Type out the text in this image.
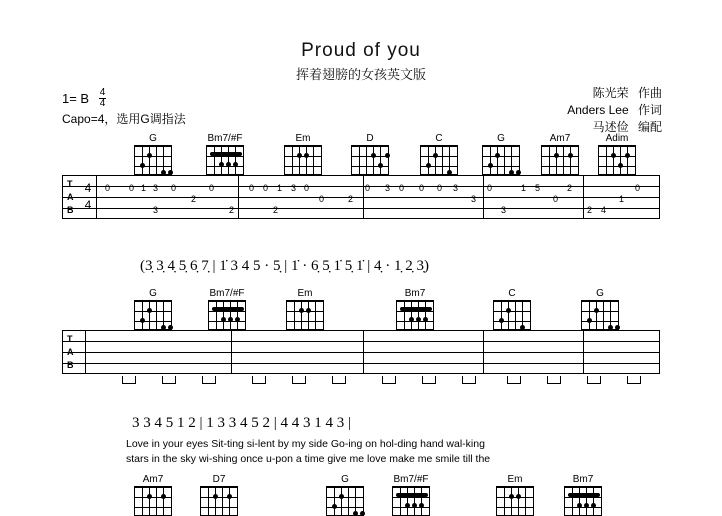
Proud of you
挥着翅膀的女孩英文版
1= B $\frac{4}{4}$
Capo=4，选用G调指法
陈光荣 作曲
Anders Lee 作词
马述俭 编配
G	Bm7/#F	Em	D	C	G	Am7	Adim
T
A
B
4
4
0 0 1 3 0
2
0
3	2
0 0 1 3 0
0
2
2
0 3 0 0 0 3
3
0
3
1 5
0
2
2 4
1
0
(3̣ 3̣ 4̣ 5̣ 6̣ 7̣ | 1̇ 3 4 5 · 5̣ | 1̇ · 6̣ 5̣ 1̇ 5̣ 1̇ | 4̣ · 1̣ 2̣ 3̣)
G	Bm7/#F	Em	Bm7	C	G
T
A
B
3 3 4 5 1 2 | 1 3 3 4 5 2 | 4 4 3 1 4 3 |
Love in your eyes Sit-ting si-lent by my side Go-ing on hol-ding hand wal-king
stars in the sky wi-shing once u-pon a time give me love make me smile till the
Am7	D7	G	Bm7/#F	Em	Bm7
